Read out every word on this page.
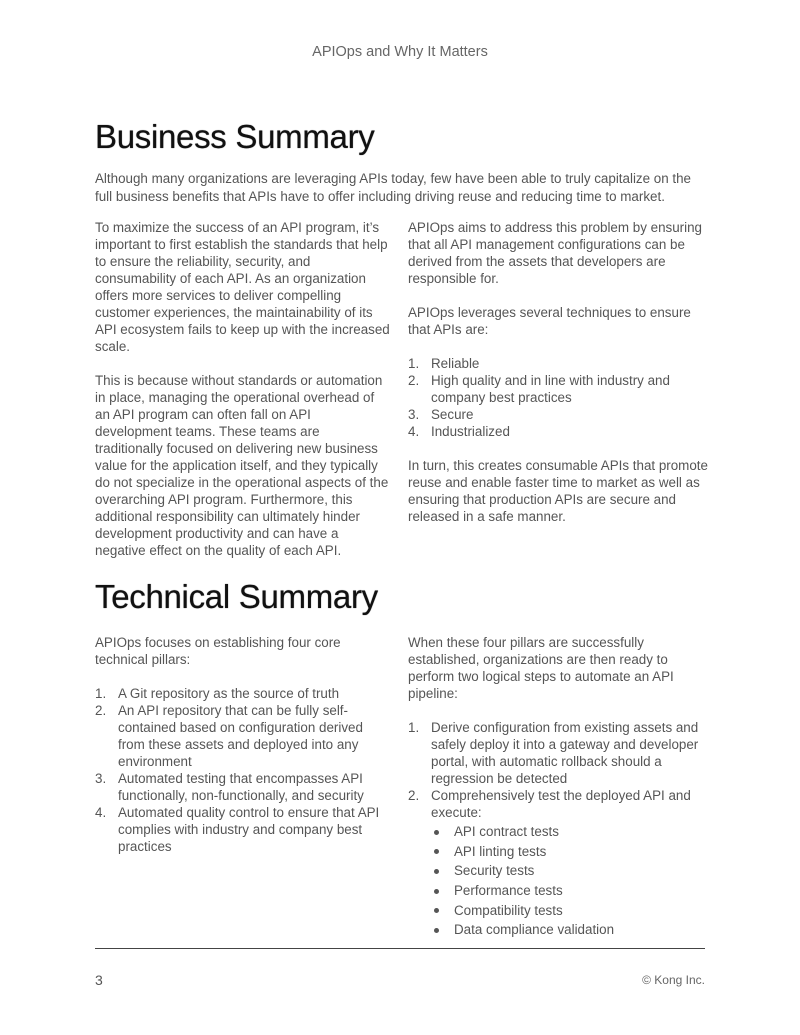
APIOps and Why It Matters
Business Summary

Although many organizations are leveraging APIs today, few have been able to truly capitalize on the full business benefits that APIs have to offer including driving reuse and reducing time to market.

To maximize the success of an API program, it’s important to first establish the standards that help to ensure the reliability, security, and consumability of each API. As an organization offers more services to deliver compelling customer experiences, the maintainability of its API ecosystem fails to keep up with the increased scale.

This is because without standards or automation in place, managing the operational overhead of an API program can often fall on API development teams. These teams are traditionally focused on delivering new business value for the application itself, and they typically do not specialize in the operational aspects of the overarching API program. Furthermore, this additional responsibility can ultimately hinder development productivity and can have a negative effect on the quality of each API.

APIOps aims to address this problem by ensuring that all API management configurations can be derived from the assets that developers are responsible for.

APIOps leverages several techniques to ensure that APIs are:

1. Reliable
2. High quality and in line with industry and company best practices
3. Secure
4. Industrialized

In turn, this creates consumable APIs that promote reuse and enable faster time to market as well as ensuring that production APIs are secure and released in a safe manner.

Technical Summary

APIOps focuses on establishing four core technical pillars:

1. A Git repository as the source of truth
2. An API repository that can be fully self-contained based on configuration derived from these assets and deployed into any environment
3. Automated testing that encompasses API functionally, non-functionally, and security
4. Automated quality control to ensure that API complies with industry and company best practices

When these four pillars are successfully established, organizations are then ready to perform two logical steps to automate an API pipeline:

1. Derive configuration from existing assets and safely deploy it into a gateway and developer portal, with automatic rollback should a regression be detected
2. Comprehensively test the deployed API and execute:
API contract tests
API linting tests
Security tests
Performance tests
Compatibility tests
Data compliance validation
3	© Kong Inc.
